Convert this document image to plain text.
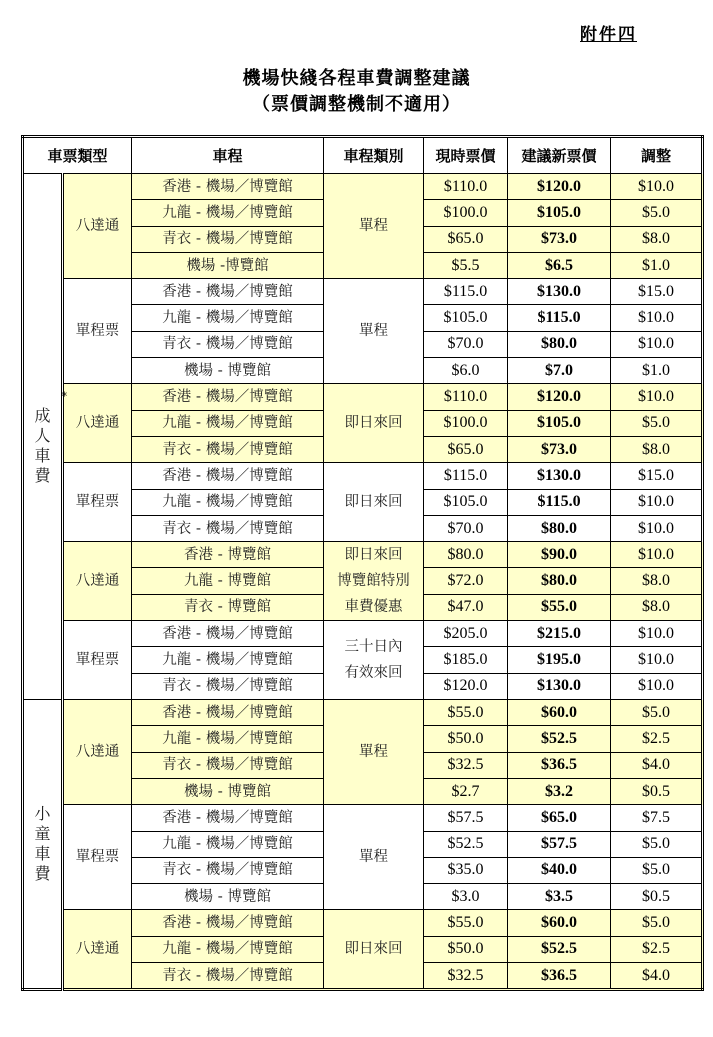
附件四
機場快綫各程車費調整建議
（票價調整機制不適用）
車票類型		車程	車程類別	現時票價	建議新票價	調整

*
成人車費	八達通	香港 - 機場／博覽館	單程	$110.0	$120.0	$10.0
		九龍 - 機場／博覽館		$100.0	$105.0	$5.0
		青衣 - 機場／博覽館		$65.0	$73.0	$8.0
		機場 -博覽館		$5.5	$6.5	$1.0
	單程票	香港 - 機場／博覽館	單程	$115.0	$130.0	$15.0
		九龍 - 機場／博覽館		$105.0	$115.0	$10.0
		青衣 - 機場／博覽館		$70.0	$80.0	$10.0
		機場 - 博覽館		$6.0	$7.0	$1.0
	八達通	香港 - 機場／博覽館	即日來回	$110.0	$120.0	$10.0
		九龍 - 機場／博覽館		$100.0	$105.0	$5.0
		青衣 - 機場／博覽館		$65.0	$73.0	$8.0
	單程票	香港 - 機場／博覽館	即日來回	$115.0	$130.0	$15.0
		九龍 - 機場／博覽館		$105.0	$115.0	$10.0
		青衣 - 機場／博覽館		$70.0	$80.0	$10.0
	八達通	香港 - 博覽館	即日來回 博覽館特別 車費優惠	$80.0	$90.0	$10.0
		九龍 - 博覽館		$72.0	$80.0	$8.0
		青衣 - 博覽館		$47.0	$55.0	$8.0
	單程票	香港 - 機場／博覽館	三十日內 有效來回	$205.0	$215.0	$10.0
		九龍 - 機場／博覽館		$185.0	$195.0	$10.0
		青衣 - 機場／博覽館		$120.0	$130.0	$10.0

小童車費	八達通	香港 - 機場／博覽館	單程	$55.0	$60.0	$5.0
		九龍 - 機場／博覽館		$50.0	$52.5	$2.5
		青衣 - 機場／博覽館		$32.5	$36.5	$4.0
		機場 - 博覽館		$2.7	$3.2	$0.5
	單程票	香港 - 機場／博覽館	單程	$57.5	$65.0	$7.5
		九龍 - 機場／博覽館		$52.5	$57.5	$5.0
		青衣 - 機場／博覽館		$35.0	$40.0	$5.0
		機場 - 博覽館		$3.0	$3.5	$0.5
	八達通	香港 - 機場／博覽館	即日來回	$55.0	$60.0	$5.0
		九龍 - 機場／博覽館		$50.0	$52.5	$2.5
		青衣 - 機場／博覽館		$32.5	$36.5	$4.0
